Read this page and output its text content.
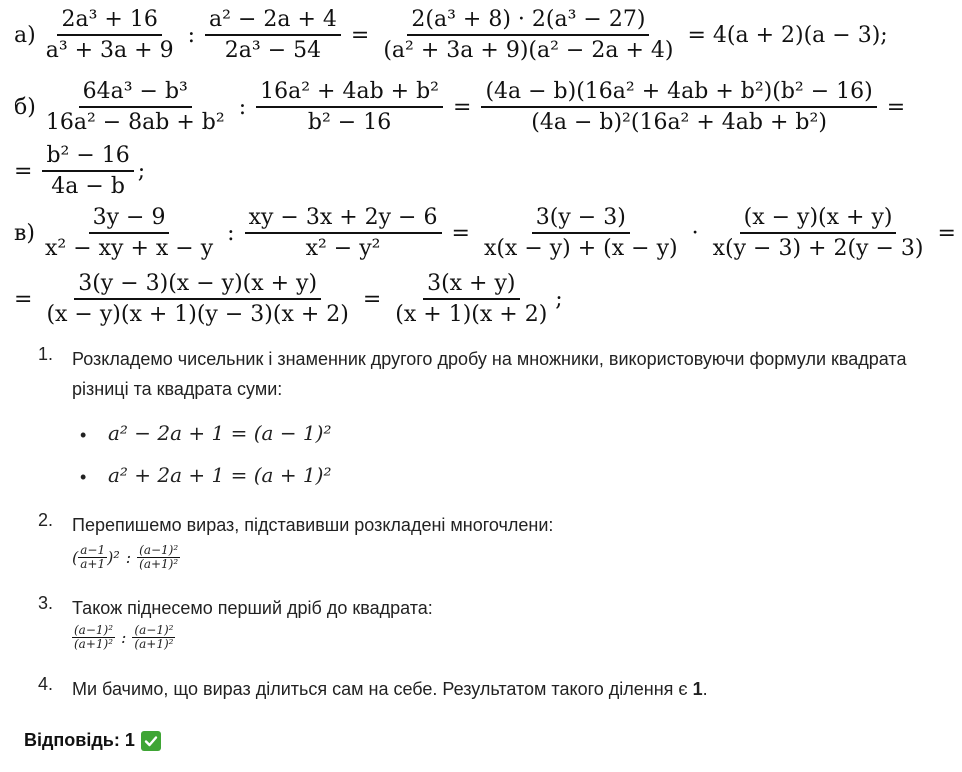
$а) \frac{\text{2a³ + 16}}{\text{a³ + 3a + 9}}$ : $\frac{\text{a² − 2a + 4}}{\text{2a³ − 54}} = \frac{\text{2(a³ + 8) · 2(a³ − 27)}}{\text{(a² + 3a + 9)(a² − 2a + 4)}} = 4(a + 2)(a - 3)$;
$б) \frac{\text{64a³ − b³}}{\text{16a² − 8ab + b²}}$ : $\frac{\text{16a² + 4ab + b²}}{\text{b² − 16}} = \frac{\text{(4a − b)(16a² + 4ab + b²)(b² − 16)}}{\text{(4a − b)²(16a² + 4ab + b²)}}$ =
= $\frac{\text{b² − 16}}{4a - b}$ ;
$в) \frac{3y - 9}{\text{x² − xy + x − y}}$ : $\frac{xy - 3x + 2y - 6}{\text{x² − y²}} = \frac{3(y - 3)}{x(x - y) + (x - y)} \cdot \frac{(x - y)(x + y)}{x(y - 3) + 2(y - 3)}$ =
= $\frac{3(y - 3)(x - y)(x + y)}{(x - y)(x + 1)(y - 3)(x + 2)} = \frac{3(x + y)}{(x + 1)(x + 2)}$ ;
1. Розкладемо чисельник і знаменник другого дробу на множники, використовуючи формули квадрата різниці та квадрата суми:
• a² − 2a + 1 = (a − 1)²
• a² + 2a + 1 = (a + 1)²
2. Перепишемо вираз, підставивши розкладені многочлени:
( a−1
a+1 )² : (a−1)²
(a+1)²
3. Також піднесемо перший дріб до квадрата:
(a−1)²
(a+1)² : (a−1)²
(a+1)²
4. Ми бачимо, що вираз ділиться сам на себе. Результатом такого ділення є 1.
Відповідь: 1
